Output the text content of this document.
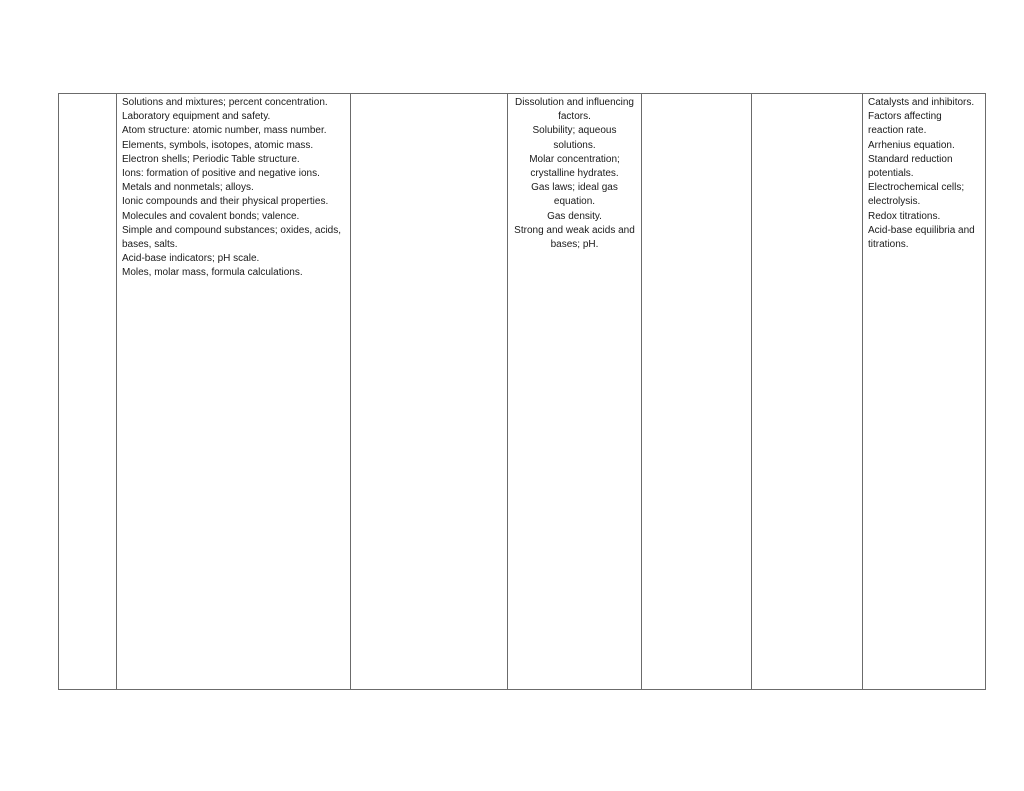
Solutions and mixtures; percent concentration.
Laboratory equipment and safety.
Atom structure: atomic number, mass number.
Elements, symbols, isotopes, atomic mass.
Electron shells; Periodic Table structure.
Ions: formation of positive and negative ions.
Metals and nonmetals; alloys.
Ionic compounds and their physical properties.
Molecules and covalent bonds; valence.
Simple and compound substances; oxides, acids, bases, salts.
Acid-base indicators; pH scale.
Moles, molar mass, formula calculations.

Dissolution and influencing factors.
Solubility; aqueous solutions.
Molar concentration; crystalline hydrates.
Gas laws; ideal gas equation.
Gas density.
Strong and weak acids and bases; pH.

Catalysts and inhibitors.
Factors affecting reaction rate.
Arrhenius equation.
Standard reduction potentials.
Electrochemical cells; electrolysis.
Redox titrations.
Acid-base equilibria and titrations.
